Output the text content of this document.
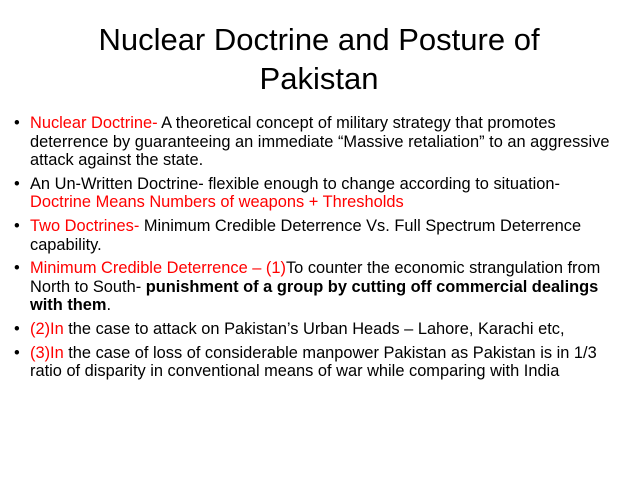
Nuclear Doctrine and Posture of Pakistan
• Nuclear Doctrine- A theoretical concept of military strategy that promotes deterrence by guaranteeing an immediate “Massive retaliation” to an aggressive attack against the state.
• An Un-Written Doctrine- flexible enough to change according to situation- Doctrine Means Numbers of weapons + Thresholds
• Two Doctrines- Minimum Credible Deterrence Vs. Full Spectrum Deterrence capability.
• Minimum Credible Deterrence – (1)To counter the economic strangulation from North to South- punishment of a group by cutting off commercial dealings with them.
• (2)In the case to attack on Pakistan’s Urban Heads – Lahore, Karachi etc,
• (3)In the case of loss of considerable manpower Pakistan as Pakistan is in 1/3 ratio of disparity in conventional means of war while comparing with India
